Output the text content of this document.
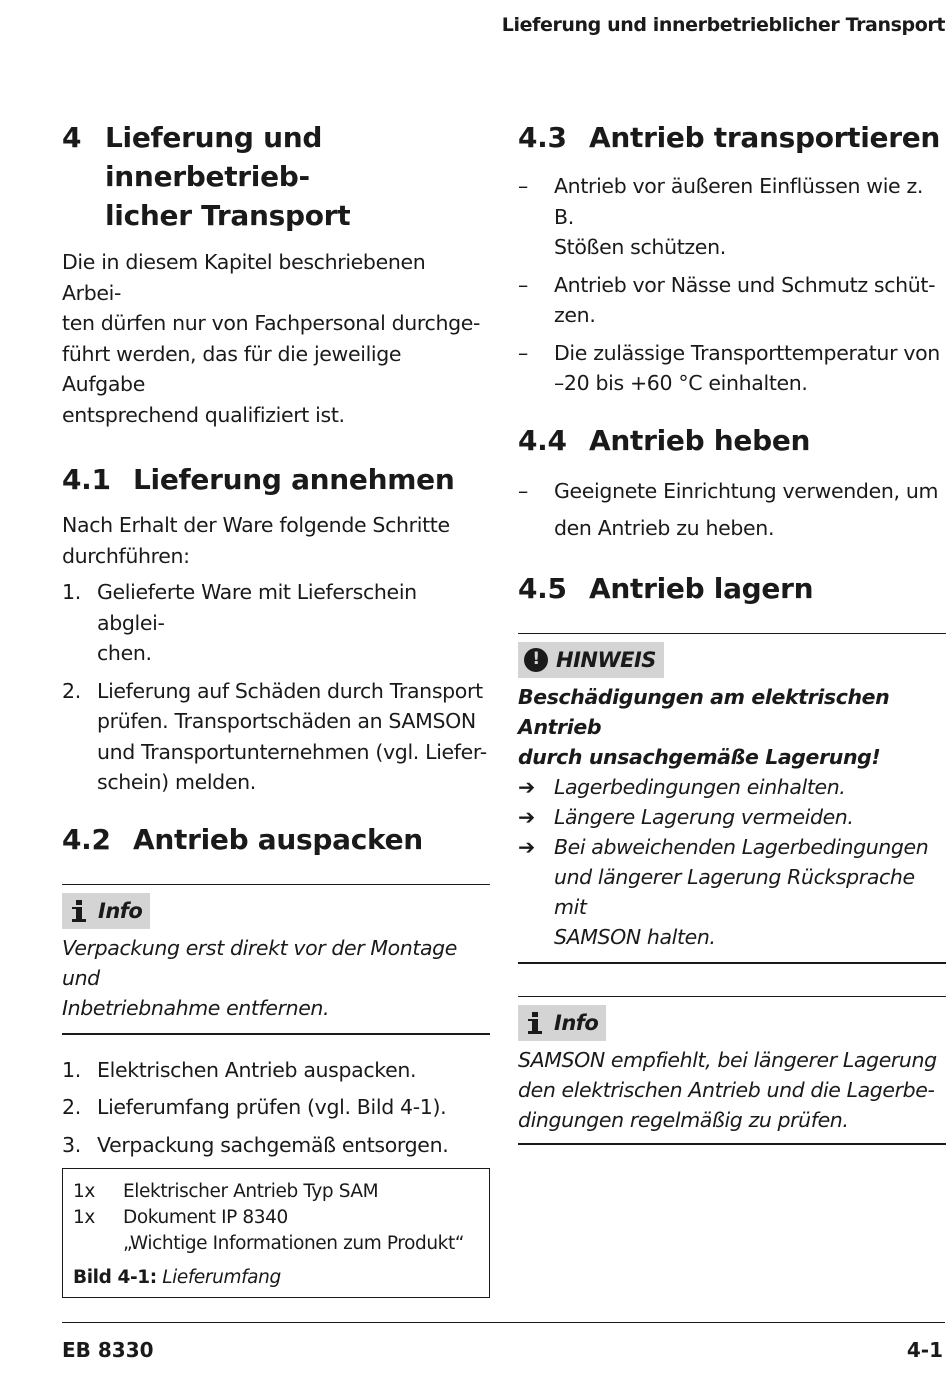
Lieferung und innerbetrieblicher Transport
4 Lieferung und innerbetrieb-
licher Transport

Die in diesem Kapitel beschriebenen Arbei-
ten dürfen nur von Fachpersonal durchge-
führt werden, das für die jeweilige Aufgabe
entsprechend qualifiziert ist.

4.1 Lieferung annehmen

Nach Erhalt der Ware folgende Schritte
durchführen:

1. Gelieferte Ware mit Lieferschein abglei-
chen.
2. Lieferung auf Schäden durch Transport
prüfen. Transportschäden an SAMSON
und Transportunternehmen (vgl. Liefer-
schein) melden.
4.2 Antrieb auspacken
Info
Verpackung erst direkt vor der Montage und
Inbetriebnahme entfernen.
1. Elektrischen Antrieb auspacken.
2. Lieferumfang prüfen (vgl. Bild 4-1).
3. Verpackung sachgemäß entsorgen.
1x	Elektrischer Antrieb Typ SAM
1x	Dokument IP 8340
„Wichtige Informationen zum Produkt“
Bild 4-1: Lieferumfang
4.3 Antrieb transportieren
–	Antrieb vor äußeren Einflüssen wie z. B.
Stößen schützen.
–	Antrieb vor Nässe und Schmutz schüt-
zen.
–	Die zulässige Transporttemperatur von
–20 bis +60 °C einhalten.
4.4 Antrieb heben
–	Geeignete Einrichtung verwenden, um
den Antrieb zu heben.
4.5 Antrieb lagern
! HINWEIS
Beschädigungen am elektrischen Antrieb
durch unsachgemäße Lagerung!
➔ Lagerbedingungen einhalten.
➔ Längere Lagerung vermeiden.
➔ Bei abweichenden Lagerbedingungen
und längerer Lagerung Rücksprache mit
SAMSON halten.
Info
SAMSON empfiehlt, bei längerer Lagerung
den elektrischen Antrieb und die Lagerbe-
dingungen regelmäßig zu prüfen.
EB 8330	4-1
